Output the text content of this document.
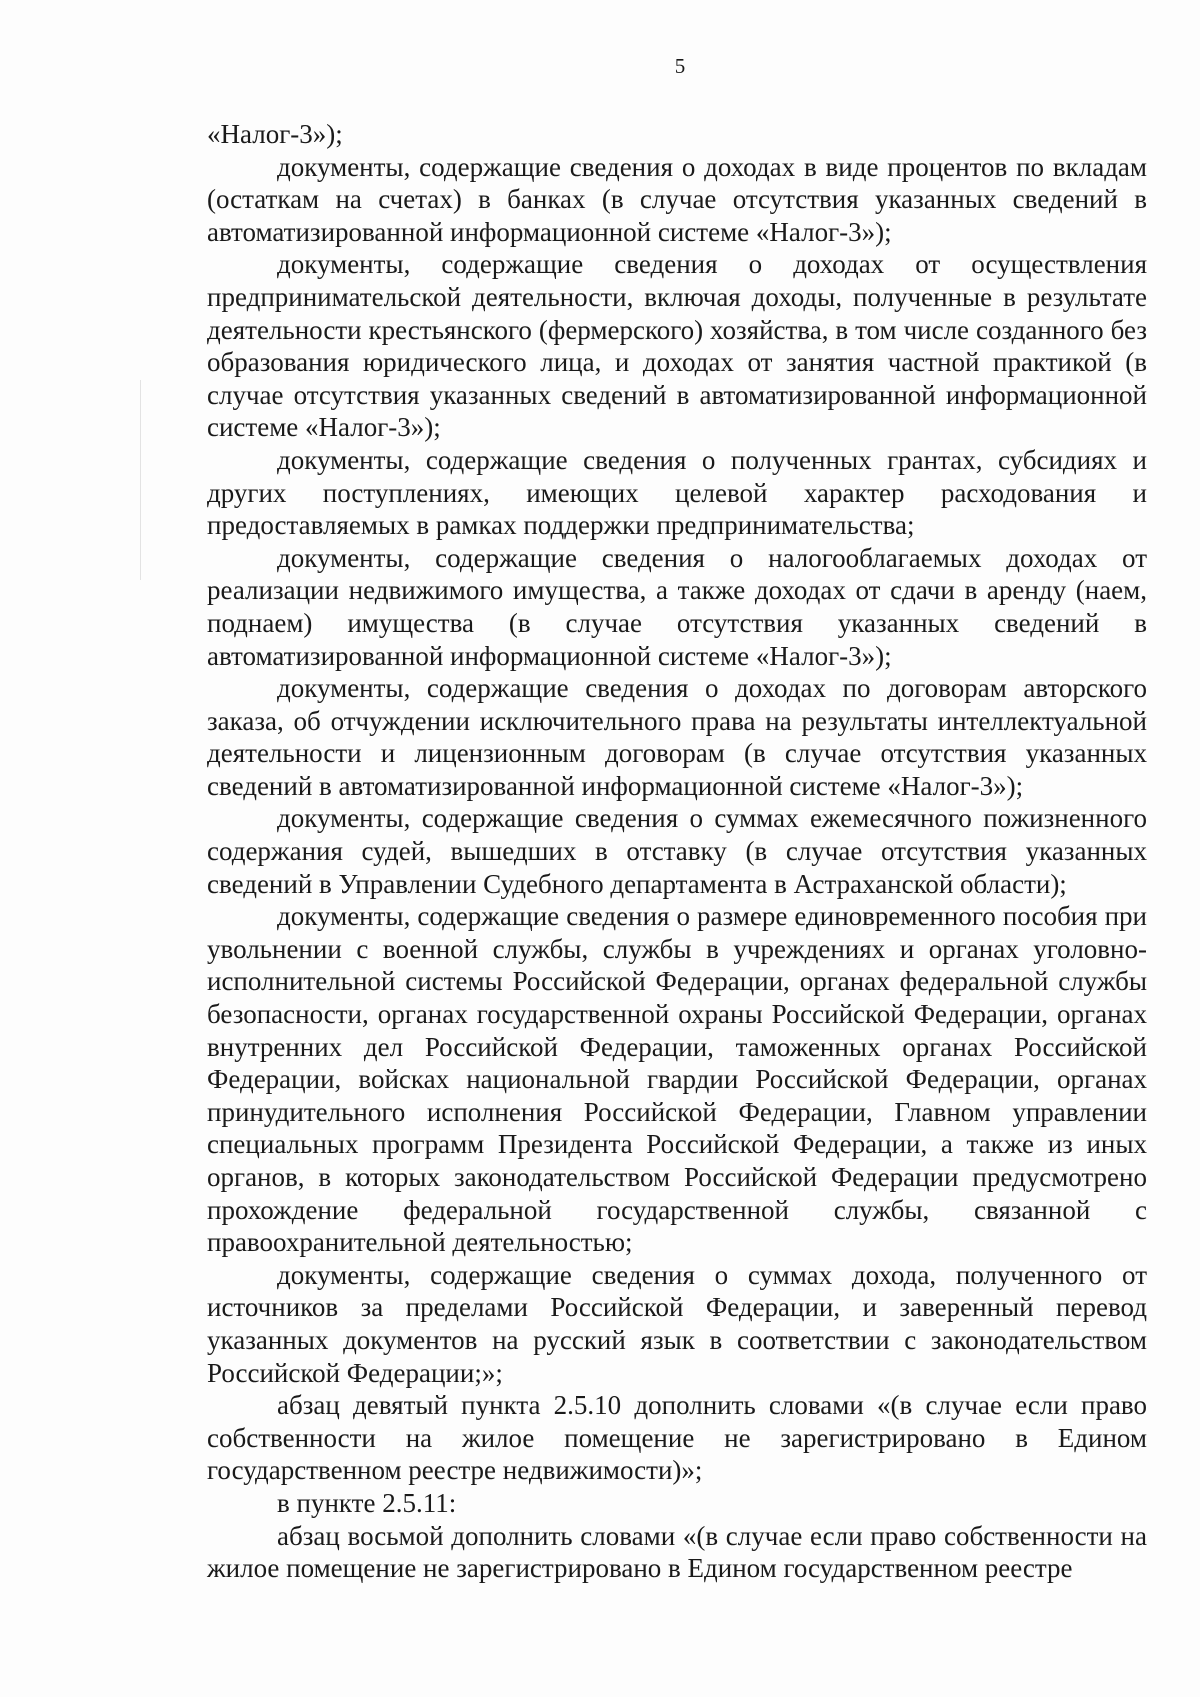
5

«Налог-3»);

документы, содержащие сведения о доходах в виде процентов по вкладам (остаткам на счетах) в банках (в случае отсутствия указанных сведений в автоматизированной информационной системе «Налог-3»);

документы, содержащие сведения о доходах от осуществления предпринимательской деятельности, включая доходы, полученные в результате деятельности крестьянского (фермерского) хозяйства, в том числе созданного без образования юридического лица, и доходах от занятия частной практикой (в случае отсутствия указанных сведений в автоматизированной информационной системе «Налог-3»);

документы, содержащие сведения о полученных грантах, субсидиях и других поступлениях, имеющих целевой характер расходования и предоставляемых в рамках поддержки предпринимательства;

документы, содержащие сведения о налогооблагаемых доходах от реализации недвижимого имущества, а также доходах от сдачи в аренду (наем, поднаем) имущества (в случае отсутствия указанных сведений в автоматизированной информационной системе «Налог-3»);

документы, содержащие сведения о доходах по договорам авторского заказа, об отчуждении исключительного права на результаты интеллектуальной деятельности и лицензионным договорам (в случае отсутствия указанных сведений в автоматизированной информационной системе «Налог-3»);

документы, содержащие сведения о суммах ежемесячного пожизненного содержания судей, вышедших в отставку (в случае отсутствия указанных сведений в Управлении Судебного департамента в Астраханской области);

документы, содержащие сведения о размере единовременного пособия при увольнении с военной службы, службы в учреждениях и органах уголовно-исполнительной системы Российской Федерации, органах федеральной службы безопасности, органах государственной охраны Российской Федерации, органах внутренних дел Российской Федерации, таможенных органах Российской Федерации, войсках национальной гвардии Российской Федерации, органах принудительного исполнения Российской Федерации, Главном управлении специальных программ Президента Российской Федерации, а также из иных органов, в которых законодательством Российской Федерации предусмотрено прохождение федеральной государственной службы, связанной с правоохранительной деятельностью;

документы, содержащие сведения о суммах дохода, полученного от источников за пределами Российской Федерации, и заверенный перевод указанных документов на русский язык в соответствии с законодательством Российской Федерации;»;

абзац девятый пункта 2.5.10 дополнить словами «(в случае если право собственности на жилое помещение не зарегистрировано в Едином государственном реестре недвижимости)»;

в пункте 2.5.11:

абзац восьмой дополнить словами «(в случае если право собственности на жилое помещение не зарегистрировано в Едином государственном реестре
